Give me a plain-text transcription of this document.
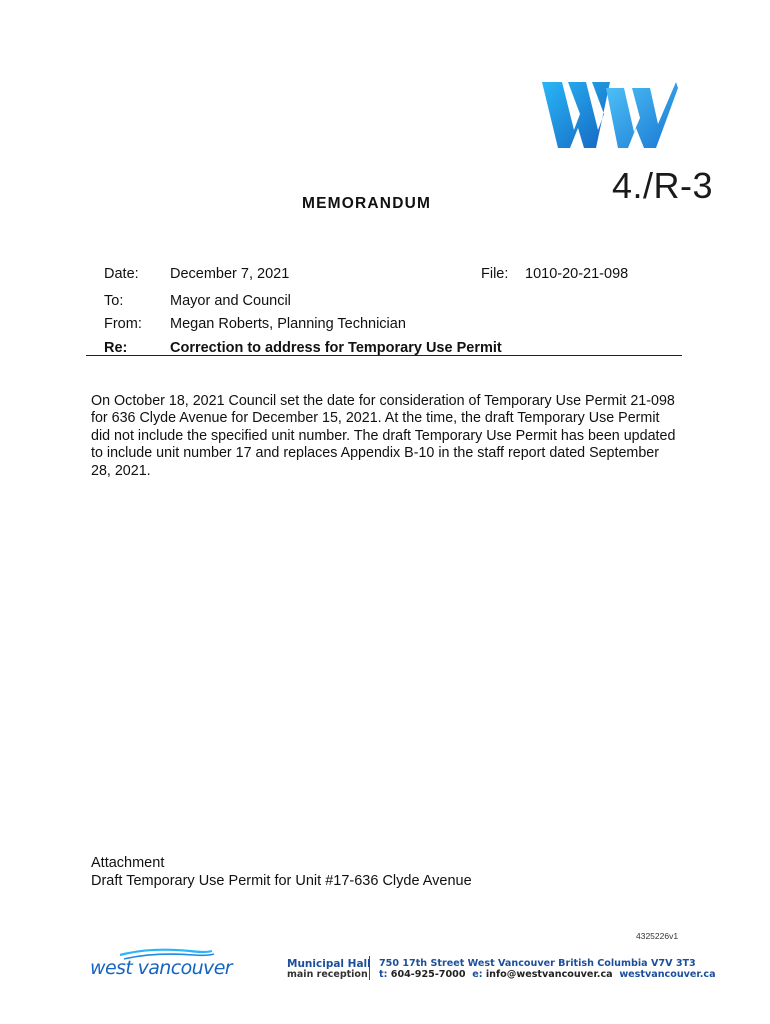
4./R-3
MEMORANDUM
Date: December 7, 2021	File: 1010-20-21-098
To:	Mayor and Council
From: Megan Roberts, Planning Technician
Re:	Correction to address for Temporary Use Permit
On October 18, 2021 Council set the date for consideration of Temporary Use Permit 21-098 for 636 Clyde Avenue for December 15, 2021. At the time, the draft Temporary Use Permit did not include the specified unit number. The draft Temporary Use Permit has been updated to include unit number 17 and replaces Appendix B-10 in the staff report dated September 28, 2021.
Attachment
Draft Temporary Use Permit for Unit #17-636 Clyde Avenue
4325226v1
west vancouver	Municipal Hall
main reception
750 17th Street West Vancouver British Columbia V7V 3T3
t: 604-925-7000 e: info@westvancouver.ca westvancouver.ca
